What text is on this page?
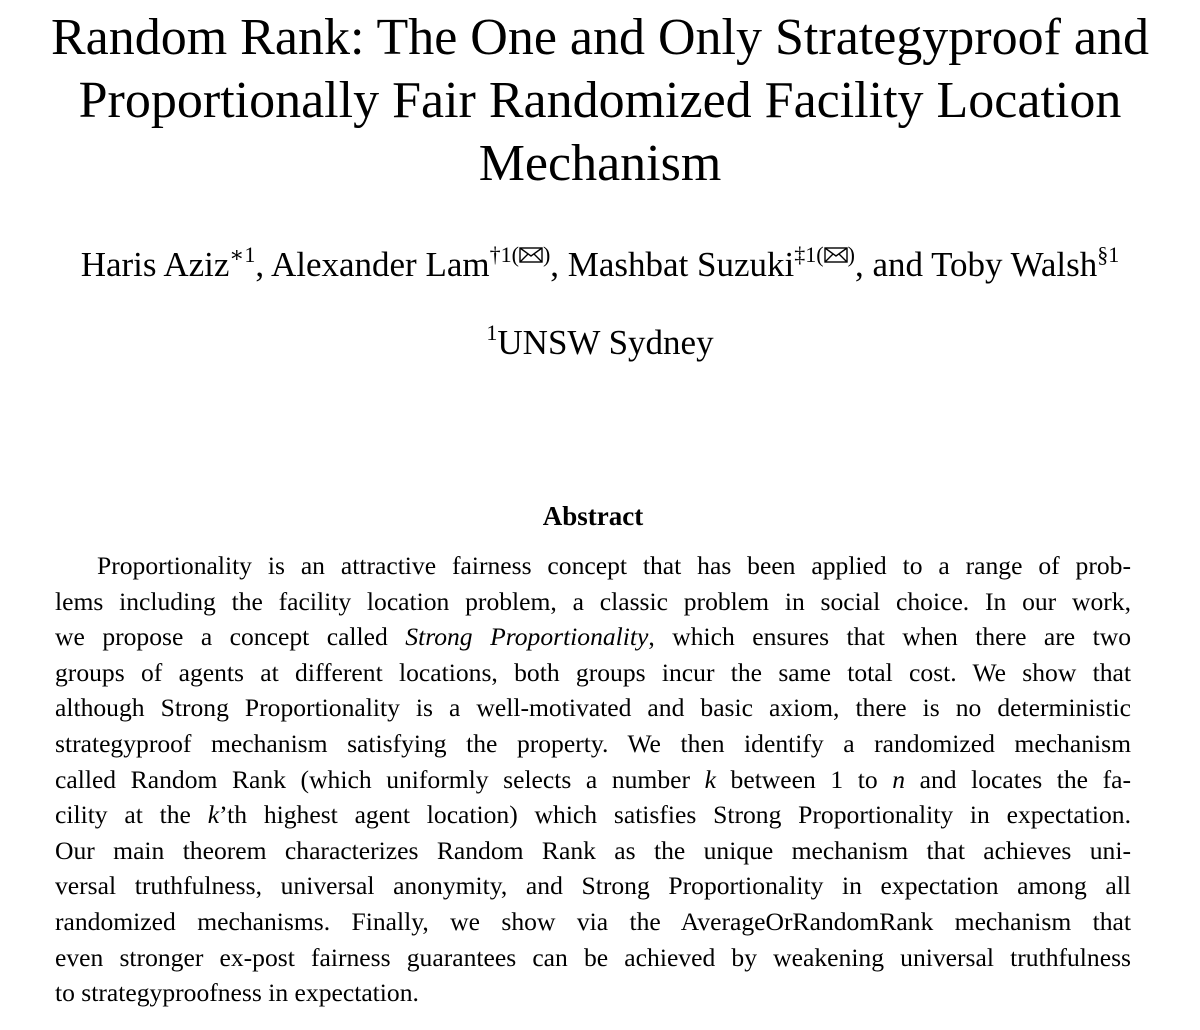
Random Rank: The One and Only Strategyproof and
Proportionally Fair Randomized Facility Location
Mechanism
Haris Aziz$^{∗1}$, Alexander Lam$^{\dagger 1( )}$, Mashbat Suzuki$^{\ddagger 1( )}$, and Toby Walsh$^{\S 1}$
$^1$UNSW Sydney
Abstract
Proportionality is an attractive fairness concept that has been applied to a range of prob-
lems including the facility location problem, a classic problem in social choice. In our work,
we propose a concept called Strong Proportionality, which ensures that when there are two
groups of agents at different locations, both groups incur the same total cost. We show that
although Strong Proportionality is a well-motivated and basic axiom, there is no deterministic
strategyproof mechanism satisfying the property. We then identify a randomized mechanism
called Random Rank (which uniformly selects a number k between 1 to n and locates the fa-
cility at the k’th highest agent location) which satisfies Strong Proportionality in expectation.
Our main theorem characterizes Random Rank as the unique mechanism that achieves uni-
versal truthfulness, universal anonymity, and Strong Proportionality in expectation among all
randomized mechanisms. Finally, we show via the AverageOrRandomRank mechanism that
even stronger ex-post fairness guarantees can be achieved by weakening universal truthfulness
to strategyproofness in expectation.
